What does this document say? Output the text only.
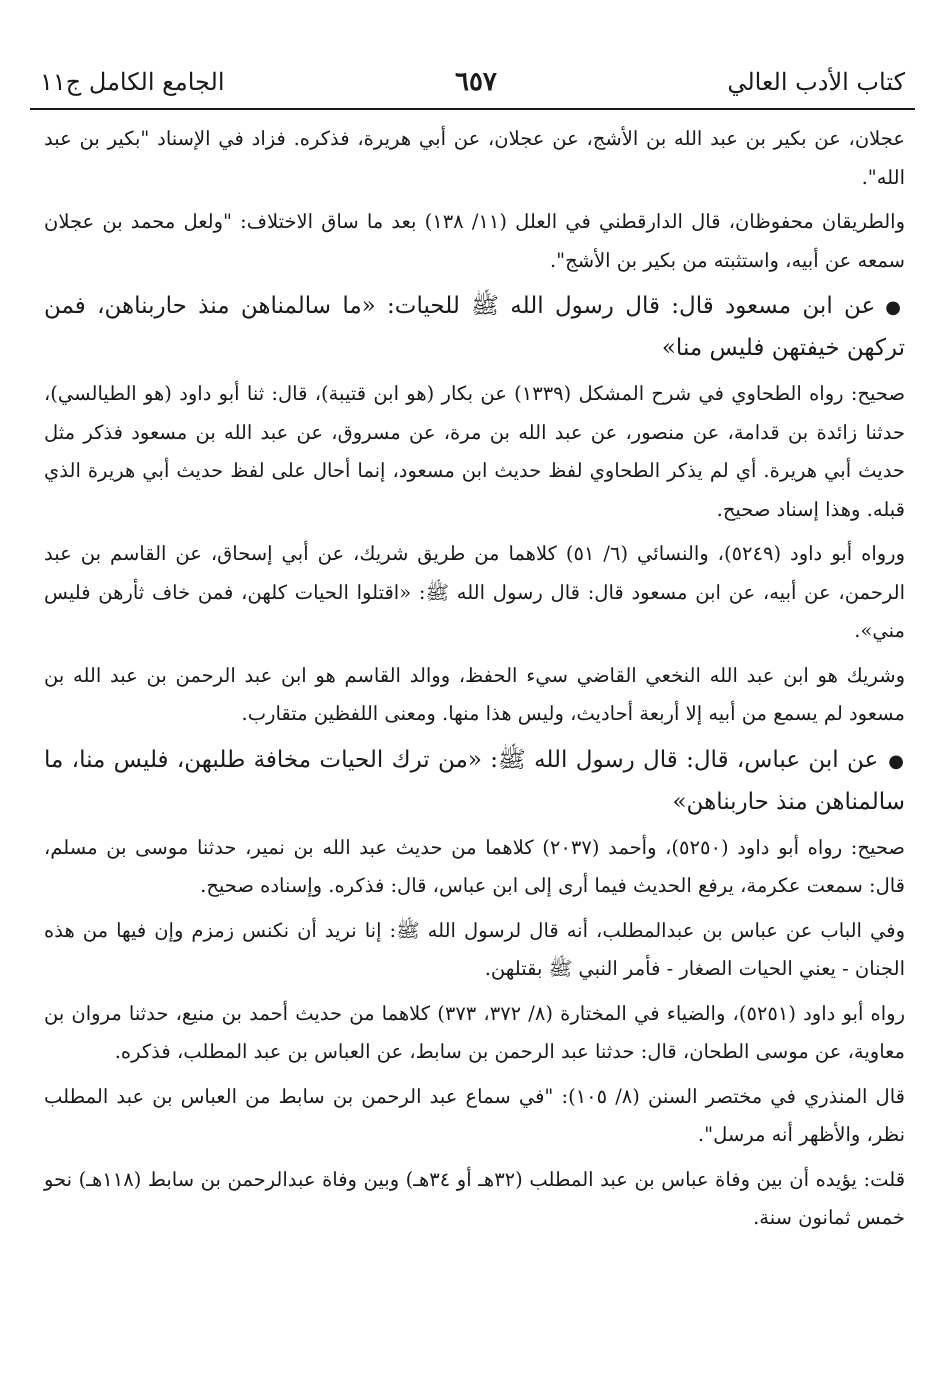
كتاب الأدب العالي
٦٥٧
الجامع الكامل ج١١

عجلان، عن بكير بن عبد الله بن الأشج، عن عجلان، عن أبي هريرة، فذكره. فزاد في الإسناد "بكير بن عبد الله".

والطريقان محفوظان، قال الدارقطني في العلل (١١/ ١٣٨) بعد ما ساق الاختلاف: "ولعل محمد بن عجلان سمعه عن أبيه، واستثبته من بكير بن الأشج".

●عن ابن مسعود قال: قال رسول الله ﷺ للحيات: «ما سالمناهن منذ حاربناهن، فمن تركهن خيفتهن فليس منا»

صحيح: رواه الطحاوي في شرح المشكل (١٣٣٩) عن بكار (هو ابن قتيبة)، قال: ثنا أبو داود (هو الطيالسي)، حدثنا زائدة بن قدامة، عن منصور، عن عبد الله بن مرة، عن مسروق، عن عبد الله بن مسعود فذكر مثل حديث أبي هريرة. أي لم يذكر الطحاوي لفظ حديث ابن مسعود، إنما أحال على لفظ حديث أبي هريرة الذي قبله. وهذا إسناد صحيح.

ورواه أبو داود (٥٢٤٩)، والنسائي (٦/ ٥١) كلاهما من طريق شريك، عن أبي إسحاق، عن القاسم بن عبد الرحمن، عن أبيه، عن ابن مسعود قال: قال رسول الله ﷺ: «اقتلوا الحيات كلهن، فمن خاف ثأرهن فليس مني».

وشريك هو ابن عبد الله النخعي القاضي سيء الحفظ، ووالد القاسم هو ابن عبد الرحمن بن عبد الله بن مسعود لم يسمع من أبيه إلا أربعة أحاديث، وليس هذا منها. ومعنى اللفظين متقارب.

●عن ابن عباس، قال: قال رسول الله ﷺ: «من ترك الحيات مخافة طلبهن، فليس منا، ما سالمناهن منذ حاربناهن»

صحيح: رواه أبو داود (٥٢٥٠)، وأحمد (٢٠٣٧) كلاهما من حديث عبد الله بن نمير، حدثنا موسى بن مسلم، قال: سمعت عكرمة، يرفع الحديث فيما أرى إلى ابن عباس، قال: فذكره. وإسناده صحيح.

وفي الباب عن عباس بن عبدالمطلب، أنه قال لرسول الله ﷺ: إنا نريد أن نكنس زمزم وإن فيها من هذه الجنان - يعني الحيات الصغار - فأمر النبي ﷺ بقتلهن.

رواه أبو داود (٥٢٥١)، والضياء في المختارة (٨/ ٣٧٢، ٣٧٣) كلاهما من حديث أحمد بن منيع، حدثنا مروان بن معاوية، عن موسى الطحان، قال: حدثنا عبد الرحمن بن سابط، عن العباس بن عبد المطلب، فذكره.

قال المنذري في مختصر السنن (٨/ ١٠٥): "في سماع عبد الرحمن بن سابط من العباس بن عبد المطلب نظر، والأظهر أنه مرسل".

قلت: يؤيده أن بين وفاة عباس بن عبد المطلب (٣٢هـ أو ٣٤هـ) وبين وفاة عبدالرحمن بن سابط (١١٨هـ) نحو خمس ثمانون سنة.
